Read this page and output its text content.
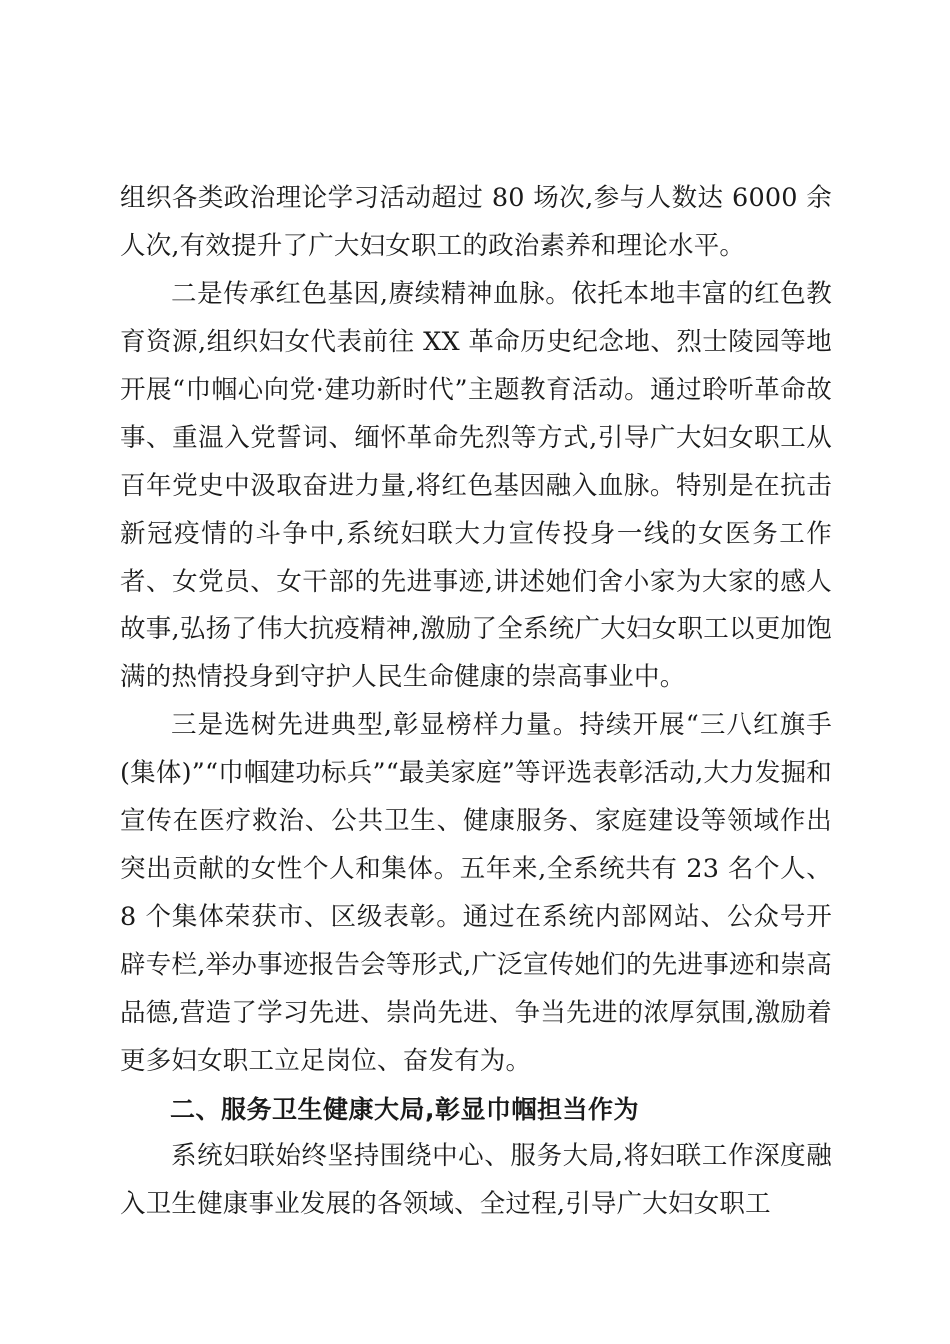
组织各类政治理论学习活动超过 80 场次,参与人数达 6000 余人次,有效提升了广大妇女职工的政治素养和理论水平。

二是传承红色基因,赓续精神血脉。依托本地丰富的红色教育资源,组织妇女代表前往 XX 革命历史纪念地、烈士陵园等地开展“巾帼心向党·建功新时代”主题教育活动。通过聆听革命故事、重温入党誓词、缅怀革命先烈等方式,引导广大妇女职工从百年党史中汲取奋进力量,将红色基因融入血脉。特别是在抗击新冠疫情的斗争中,系统妇联大力宣传投身一线的女医务工作者、女党员、女干部的先进事迹,讲述她们舍小家为大家的感人故事,弘扬了伟大抗疫精神,激励了全系统广大妇女职工以更加饱满的热情投身到守护人民生命健康的崇高事业中。

三是选树先进典型,彰显榜样力量。持续开展“三八红旗手(集体)”“巾帼建功标兵”“最美家庭”等评选表彰活动,大力发掘和宣传在医疗救治、公共卫生、健康服务、家庭建设等领域作出突出贡献的女性个人和集体。五年来,全系统共有 23 名个人、8 个集体荣获市、区级表彰。通过在系统内部网站、公众号开辟专栏,举办事迹报告会等形式,广泛宣传她们的先进事迹和崇高品德,营造了学习先进、崇尚先进、争当先进的浓厚氛围,激励着更多妇女职工立足岗位、奋发有为。

二、服务卫生健康大局,彰显巾帼担当作为

系统妇联始终坚持围绕中心、服务大局,将妇联工作深度融入卫生健康事业发展的各领域、全过程,引导广大妇女职工
